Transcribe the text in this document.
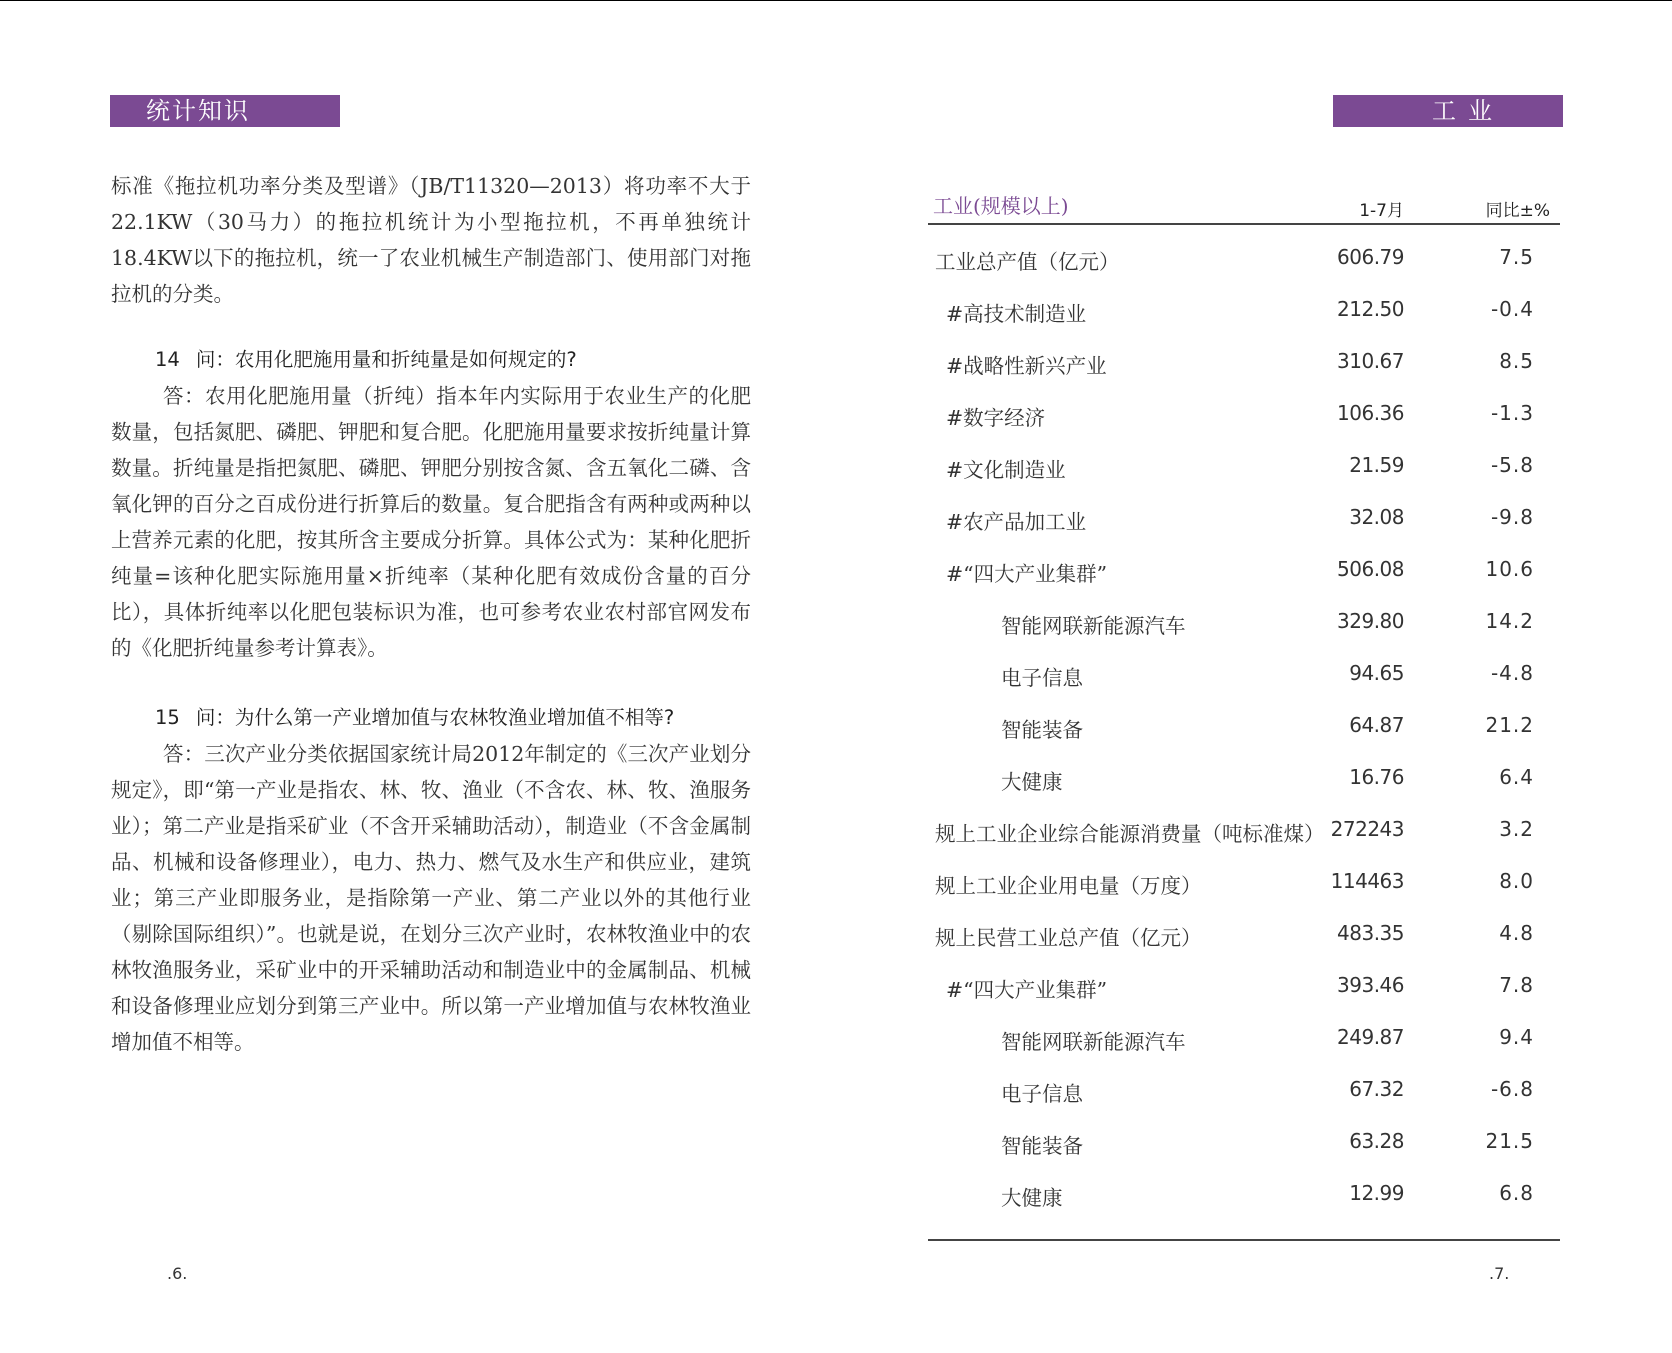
统计知识

标准《拖拉机功率分类及型谱》（JB/T11320—2013）将功率不大于22.1KW（30马力）的拖拉机统计为小型拖拉机，不再单独统计18.4KW以下的拖拉机，统一了农业机械生产制造部门、使用部门对拖拉机的分类。

14 问：农用化肥施用量和折纯量是如何规定的?

答：农用化肥施用量（折纯）指本年内实际用于农业生产的化肥数量，包括氮肥、磷肥、钾肥和复合肥。化肥施用量要求按折纯量计算数量。折纯量是指把氮肥、磷肥、钾肥分别按含氮、含五氧化二磷、含氧化钾的百分之百成份进行折算后的数量。复合肥指含有两种或两种以上营养元素的化肥，按其所含主要成分折算。具体公式为：某种化肥折纯量=该种化肥实际施用量×折纯率（某种化肥有效成份含量的百分比），具体折纯率以化肥包装标识为准，也可参考农业农村部官网发布的《化肥折纯量参考计算表》。

15 问：为什么第一产业增加值与农林牧渔业增加值不相等?

答：三次产业分类依据国家统计局2012年制定的《三次产业划分规定》，即“第一产业是指农、林、牧、渔业（不含农、林、牧、渔服务业）；第二产业是指采矿业（不含开采辅助活动），制造业（不含金属制品、机械和设备修理业），电力、热力、燃气及水生产和供应业，建筑业；第三产业即服务业，是指除第一产业、第二产业以外的其他行业（剔除国际组织）”。也就是说，在划分三次产业时，农林牧渔业中的农林牧渔服务业，采矿业中的开采辅助活动和制造业中的金属制品、机械和设备修理业应划分到第三产业中。所以第一产业增加值与农林牧渔业增加值不相等。

.6.
工业
工业(规模以上)	1-7月	同比±%
工业总产值（亿元）	606.79	7.5
#高技术制造业	212.50	-0.4
#战略性新兴产业	310.67	8.5
#数字经济	106.36	-1.3
#文化制造业	21.59	-5.8
#农产品加工业	32.08	-9.8
#“四大产业集群”	506.08	10.6
智能网联新能源汽车	329.80	14.2
电子信息	94.65	-4.8
智能装备	64.87	21.2
大健康	16.76	6.4
规上工业企业综合能源消费量（吨标准煤） 272243	3.2
规上工业企业用电量（万度）	114463	8.0
规上民营工业总产值（亿元）	483.35	4.8
#“四大产业集群”	393.46	7.8
智能网联新能源汽车	249.87	9.4
电子信息	67.32	-6.8
智能装备	63.28	21.5
大健康	12.99	6.8
.7.
